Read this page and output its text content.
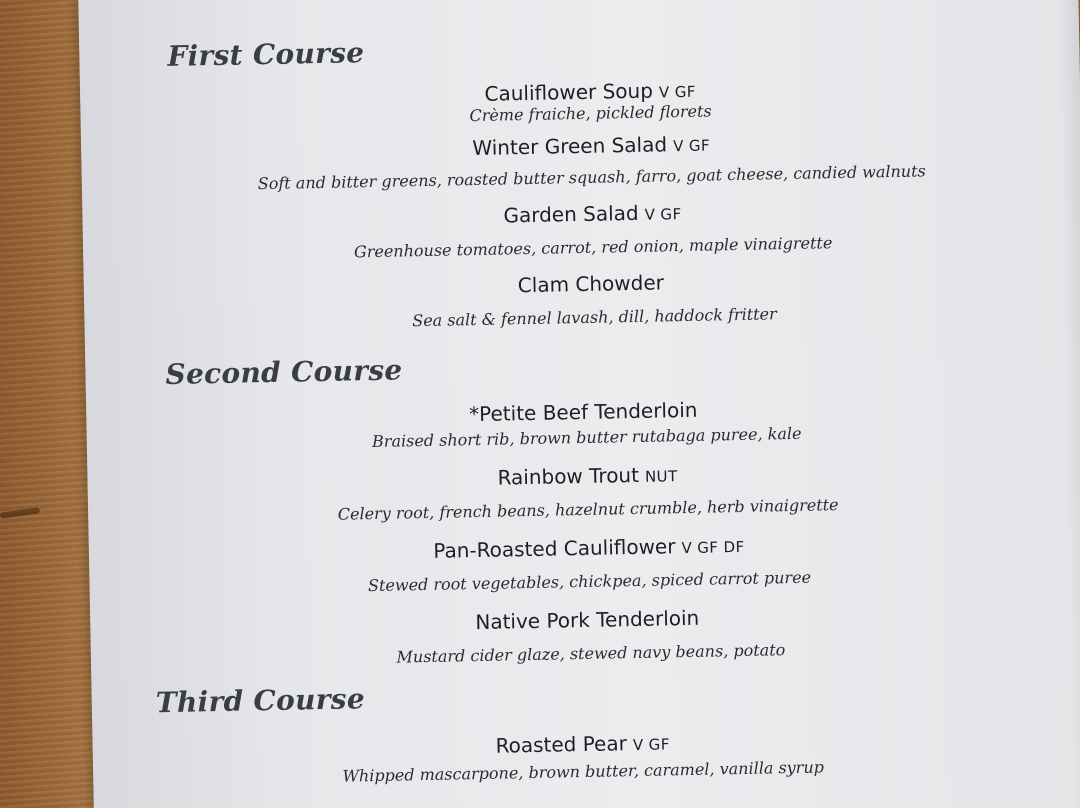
First Course
Cauliflower Soup V GF
Crème fraiche, pickled florets
Winter Green Salad V GF
Soft and bitter greens, roasted butter squash, farro, goat cheese, candied walnuts
Garden Salad V GF
Greenhouse tomatoes, carrot, red onion, maple vinaigrette
Clam Chowder
Sea salt & fennel lavash, dill, haddock fritter
Second Course
*Petite Beef Tenderloin
Braised short rib, brown butter rutabaga puree, kale
Rainbow Trout NUT
Celery root, french beans, hazelnut crumble, herb vinaigrette
Pan-Roasted Cauliflower V GF DF
Stewed root vegetables, chickpea, spiced carrot puree
Native Pork Tenderloin
Mustard cider glaze, stewed navy beans, potato
Third Course
Roasted Pear V GF
Whipped mascarpone, brown butter, caramel, vanilla syrup
